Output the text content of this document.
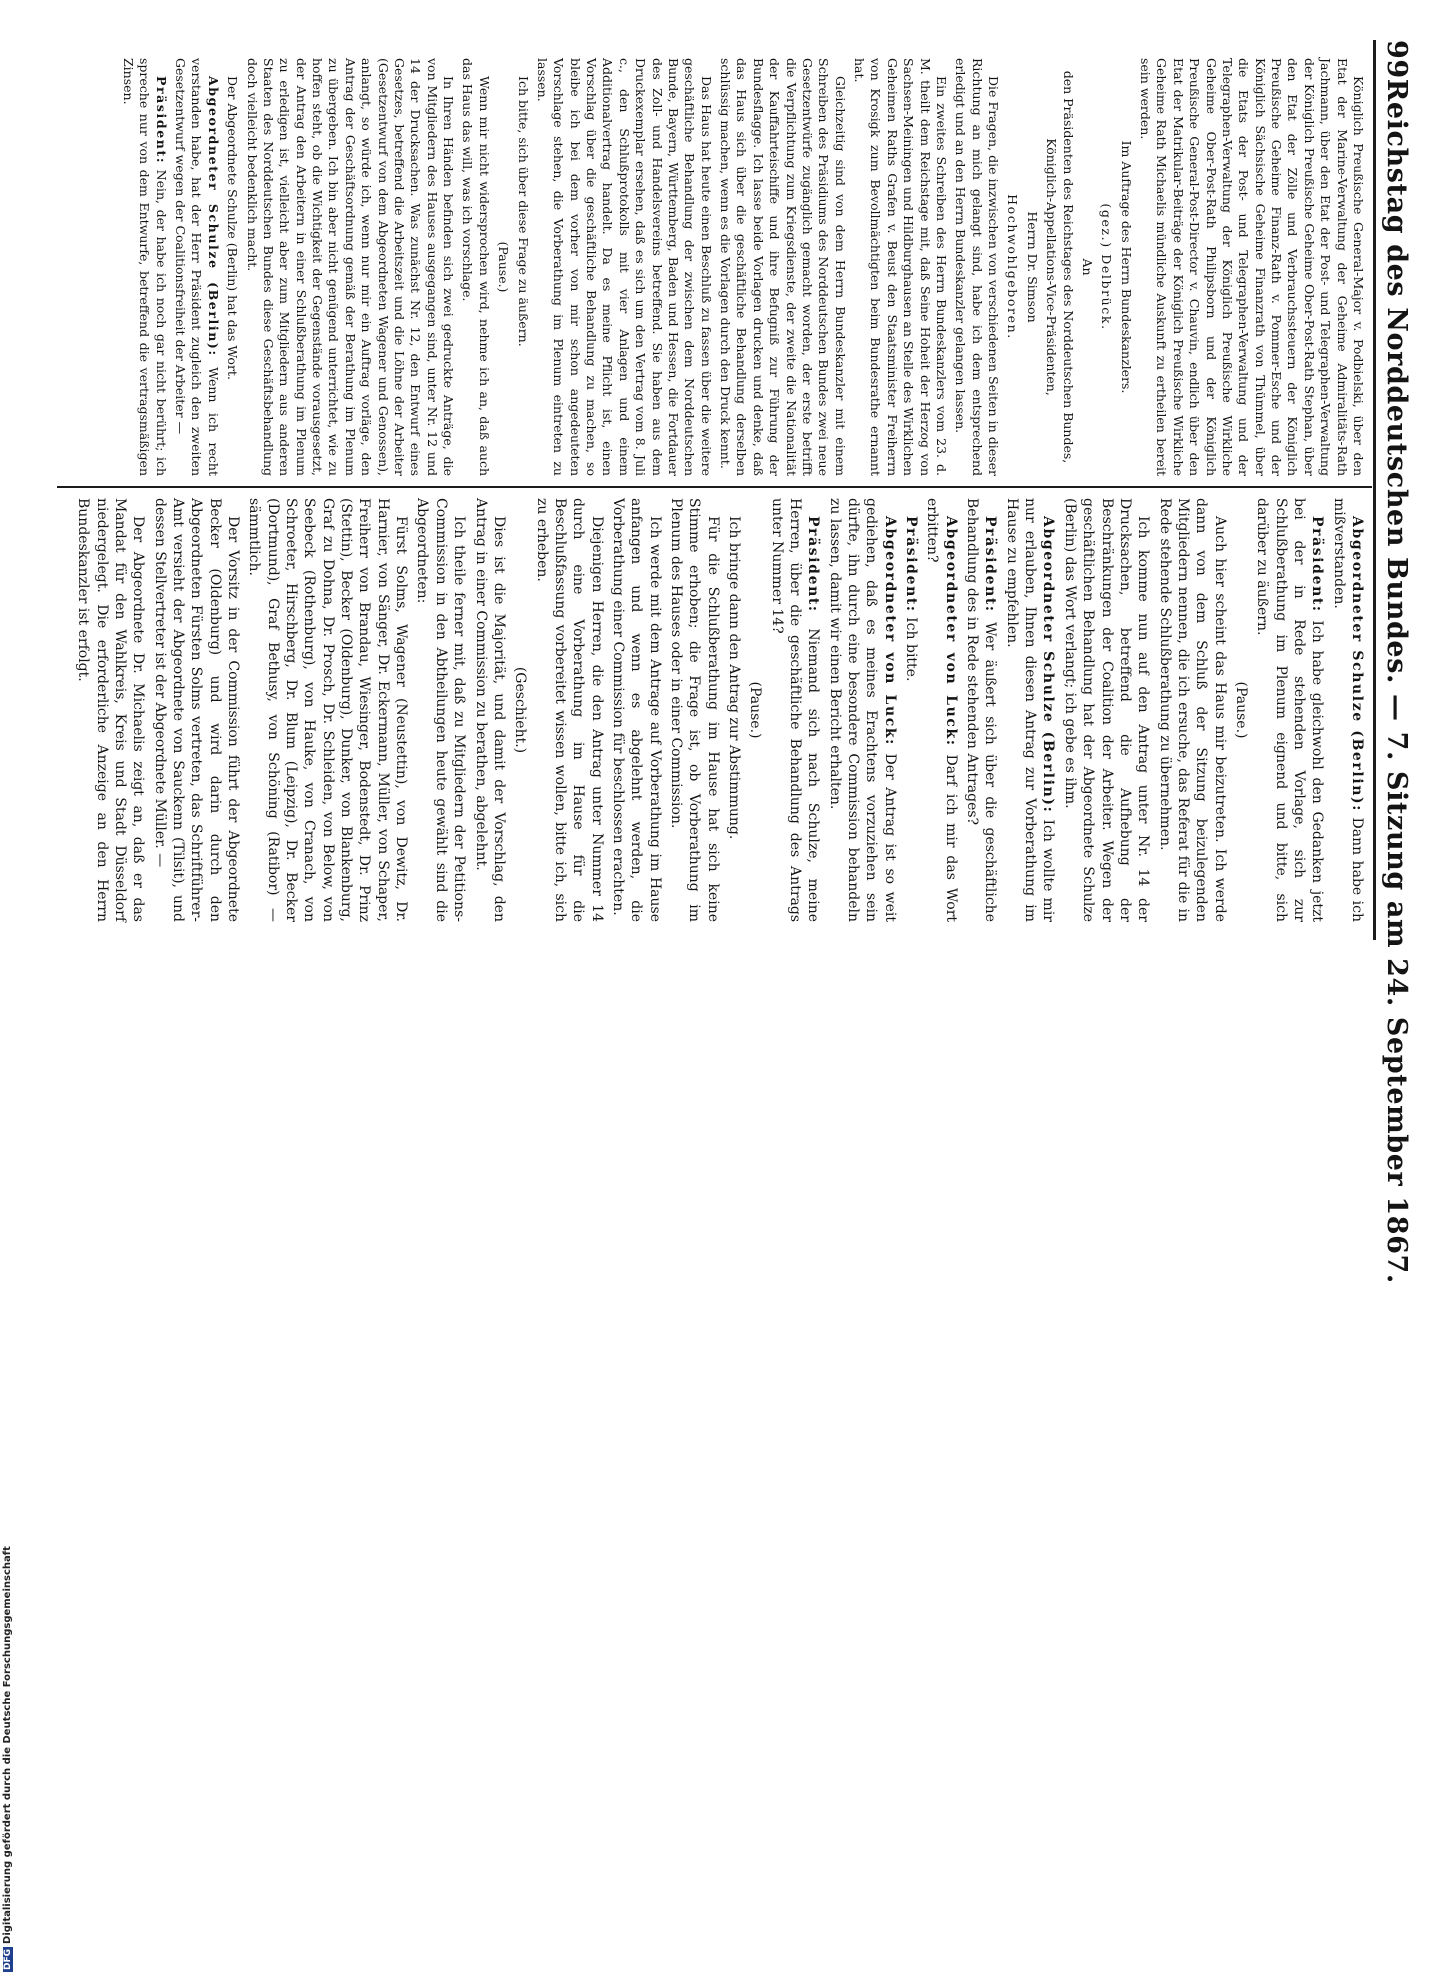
99
Reichstag des Norddeutschen Bundes. — 7. Sitzung am 24. September 1867.

Königlich Preußische General-Major v. Podbielski, über den Etat der Marine-Verwaltung der Geheime Admiralitäts-Rath Jachmann, über den Etat der Post- und Telegraphen-Verwaltung der Königlich Preußische Geheime Ober-Post-Rath Stephan, über den Etat der Zölle und Verbrauchssteuern der Königlich Preußische Geheime Finanz-Rath v. Pommer-Esche und der Königlich Sächsische Geheime Finanzrath von Thümmel, über die Etats der Post- und Telegraphen-Verwaltung und der Telegraphen-Verwaltung der Königlich Preußische Wirkliche Geheime Ober-Post-Rath Philipsborn und der Königlich Preußische General-Post-Director v. Chauvin, endlich über den Etat der Matrikular-Beiträge der Königlich Preußische Wirkliche Geheime Rath Michaelis mündliche Auskunft zu ertheilen bereit sein werden.

Im Auftrage des Herrn Bundeskanzlers.

(gez.) Delbrück.

An

den Präsidenten des Reichstages des Norddeutschen Bundes, Königlich-Appellations-Vice-Präsidenten,

Herrn Dr. Simson

Hochwohlgeboren.

Die Fragen, die inzwischen von verschiedenen Seiten in dieser Richtung an mich gelangt sind, habe ich dem entsprechend erledigt und an den Herrn Bundeskanzler gelangen lassen.

Ein zweites Schreiben des Herrn Bundeskanzlers vom 23. d. M. theilt dem Reichstage mit, daß Seine Hoheit der Herzog von Sachsen-Meiningen und Hildburghausen an Stelle des Wirklichen Geheimen Raths Grafen v. Beust den Staatsminister Freiherrn von Krosigk zum Bevollmächtigten beim Bundesrathe ernannt hat.

Gleichzeitig sind von dem Herrn Bundeskanzler mit einem Schreiben des Präsidiums des Norddeutschen Bundes zwei neue Gesetzentwürfe zugänglich gemacht worden, der erste betrifft die Verpflichtung zum Kriegsdienste, der zweite die Nationalität der Kauffahrteischiffe und ihre Befugniß zur Führung der Bundesflagge. Ich lasse beide Vorlagen drucken und denke, daß das Haus sich über die geschäftliche Behandlung derselben schlüssig machen, wenn es die Vorlagen durch den Druck kennt.

Das Haus hat heute einen Beschluß zu fassen über die weitere geschäftliche Behandlung der zwischen dem Norddeutschen Bunde, Bayern, Württemberg, Baden und Hessen, die Fortdauer des Zoll- und Handelsvereins betreffend. Sie haben aus dem Druckexemplar ersehen, daß es sich um den Vertrag vom 8. Juli c., den Schlußprotokolls mit vier Anlagen und einem Additionalvertrag handelt. Da es meine Pflicht ist, einen Vorschlag über die geschäftliche Behandlung zu machen, so bleibe ich bei dem vorher von mir schon angedeuteten Vorschlage stehen, die Vorberathung im Plenum eintreten zu lassen.

Ich bitte, sich über diese Frage zu äußern.

(Pause.)

Wenn mir nicht widersprochen wird, nehme ich an, daß auch das Haus das will, was ich vorschlage.

In Ihren Händen befinden sich zwei gedruckte Anträge, die von Mitgliedern des Hauses ausgegangen sind, unter Nr. 12 und 14 der Drucksachen. Was zunächst Nr. 12, den Entwurf eines Gesetzes, betreffend die Arbeitszeit und die Löhne der Arbeiter (Gesetzentwurf von dem Abgeordneten Wagener und Genossen), anlangt, so würde ich, wenn nur mir ein Auftrag vorläge, den Antrag der Geschäftsordnung gemäß der Berathung im Plenum zu übergeben. Ich bin aber nicht genügend unterrichtet, wie zu hoffen steht, ob die Wichtigkeit der Gegenstände vorausgesetzt, der Antrag den Arbeitern in einer Schlußberathung im Plenum zu erledigen ist, vielleicht aber zum Mitgliedern aus anderen Staaten des Norddeutschen Bundes diese Geschäftsbehandlung doch vielleicht bedenklich macht.

Der Abgeordnete Schulze (Berlin) hat das Wort.

Abgeordneter Schulze (Berlin): Wenn ich recht verstanden habe, hat der Herr Präsident zugleich den zweiten Gesetzentwurf wegen der Coalitionsfreiheit der Arbeiter —

Präsident: Nein, der habe ich noch gar nicht berührt; ich spreche nur von dem Entwurfe, betreffend die vertragsmäßigen Zinsen.

Abgeordneter Schulze (Berlin): Dann habe ich mißverstanden.

Präsident: Ich habe gleichwohl den Gedanken jetzt bei der in Rede stehenden Vorlage, sich zur Schlußberathung im Plenum eignend und bitte, sich darüber zu äußern.

(Pause.)

Auch hier scheint das Haus mir beizutreten. Ich werde dann von dem Schluß der Sitzung beizulegenden Mitgliedern nennen, die ich ersuche, das Referat für die in Rede stehende Schlußberathung zu übernehmen.

Ich komme nun auf den Antrag unter Nr. 14 der Drucksachen, betreffend die Aufhebung der Beschränkungen der Coalition der Arbeiter. Wegen der geschäftlichen Behandlung hat der Abgeordnete Schulze (Berlin) das Wort verlangt; ich gebe es ihm.

Abgeordneter Schulze (Berlin): Ich wollte mir nur erlauben, Ihnen diesen Antrag zur Vorberathung im Hause zu empfehlen.

Präsident: Wer äußert sich über die geschäftliche Behandlung des in Rede stehenden Antrages?

Abgeordneter von Luck: Darf ich mir das Wort erbitten?

Präsident: Ich bitte.

Abgeordneter von Luck: Der Antrag ist so weit gediehen, daß es meines Erachtens vorzuziehen sein dürfte, ihn durch eine besondere Commission behandeln zu lassen, damit wir einen Bericht erhalten.

Präsident: Niemand sich nach Schulze, meine Herren, über die geschäftliche Behandlung des Antrags unter Nummer 14?

(Pause.)

Ich bringe dann den Antrag zur Abstimmung.

Für die Schlußberathung im Hause hat sich keine Stimme erhoben; die Frage ist, ob Vorberathung im Plenum des Hauses oder in einer Commission.

Ich werde mit dem Antrage auf Vorberathung im Hause anfangen und wenn es abgelehnt werden, die Vorberathung einer Commission für beschlossen erachten.

Diejenigen Herren, die den Antrag unter Nummer 14 durch eine Vorberathung im Hause für die Beschlußfassung vorbereitet wissen wollen, bitte ich, sich zu erheben.

(Geschieht.)

Dies ist die Majorität, und damit der Vorschlag, den Antrag in einer Commission zu berathen, abgelehnt.

Ich theile ferner mit, daß zu Mitgliedern der Petitions-Commission in den Abtheilungen heute gewählt sind die Abgeordneten:

Fürst Solms, Wagener (Neustettin), von Dewitz, Dr. Harnier, von Sänger, Dr. Eckermann, Müller, von Schaper, Freiherr von Brandau, Wiesinger, Bodenstedt, Dr. Prinz (Stettin), Becker (Oldenburg), Dunker, von Blankenburg, Graf zu Dohna, Dr. Prosch, Dr. Schleiden, von Below, von Seebeck (Rothenburg), von Hauke, von Cranach, von Schroeter, Hirschberg, Dr. Blum (Leipzig), Dr. Becker (Dortmund), Graf Bethusy, von Schöning (Ratibor) — sämmtlich.

Der Vorsitz in der Commission führt der Abgeordnete Becker (Oldenburg) und wird darin durch den Abgeordneten Fürsten Solms vertreten, das Schriftführer-Amt versieht der Abgeordnete von Sauckenn (Tilsit), und dessen Stellvertreter ist der Abgeordnete Müller. —

Der Abgeordnete Dr. Michaelis zeigt an, daß er das Mandat für den Wahlkreis, Kreis und Stadt Düsseldorf niedergelegt. Die erforderliche Anzeige an den Herrn Bundeskanzler ist erfolgt.

DFGDigitalisierung gefördert durch die Deutsche Forschungsgemeinschaft
